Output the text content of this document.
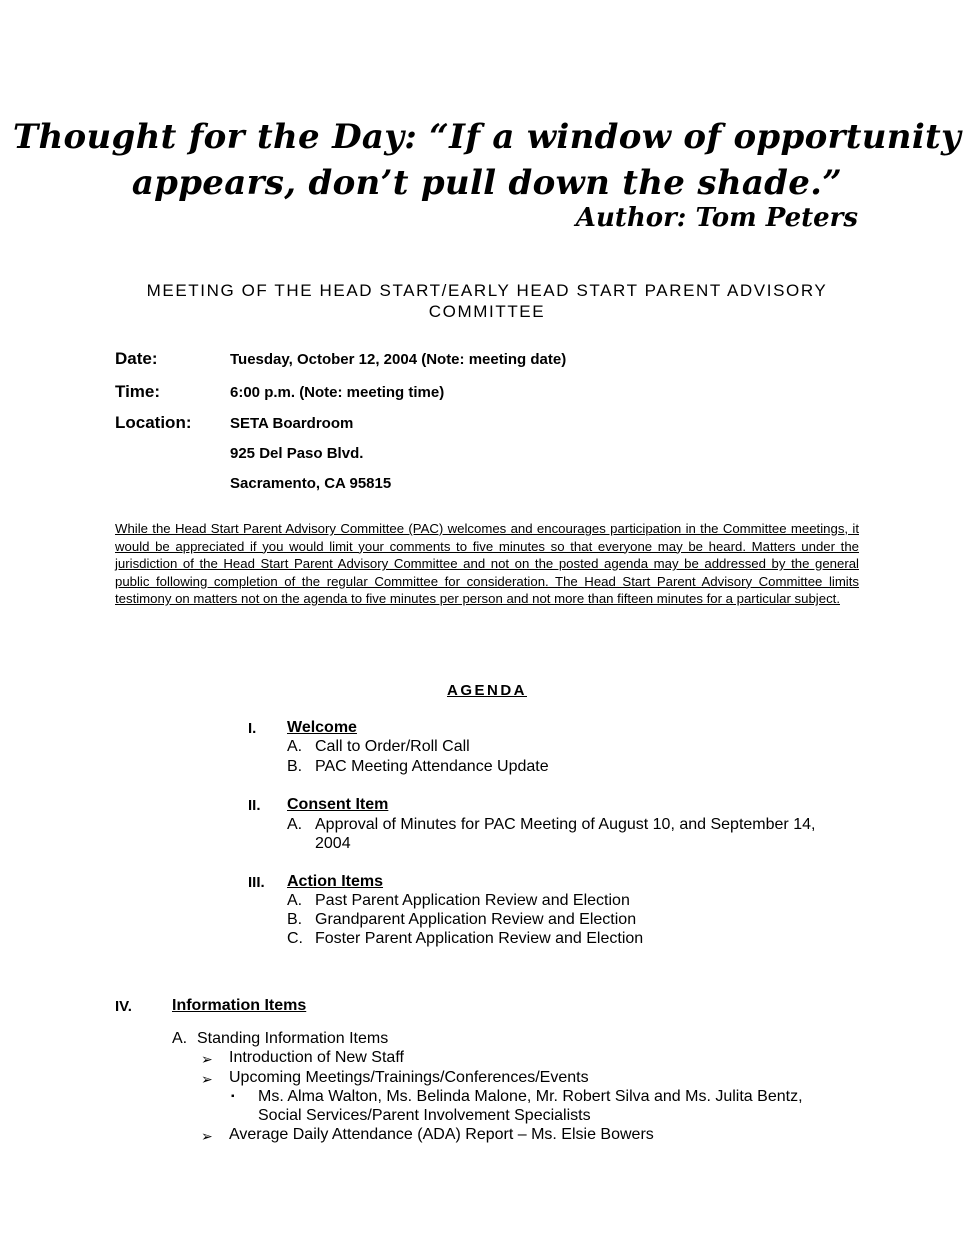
Thought for the Day: “If a window of opportunity
appears, don’t pull down the shade.”
Author: Tom Peters
MEETING OF THE HEAD START/EARLY HEAD START PARENT ADVISORY COMMITTEE
Date:	Tuesday, October 12, 2004 (Note: meeting date)
Time:	6:00 p.m. (Note: meeting time)
Location:	SETA Boardroom
925 Del Paso Blvd.
Sacramento, CA 95815
While the Head Start Parent Advisory Committee (PAC) welcomes and encourages participation in the Committee meetings, it would be appreciated if you would limit your comments to five minutes so that everyone may be heard. Matters under the jurisdiction of the Head Start Parent Advisory Committee and not on the posted agenda may be addressed by the general public following completion of the regular Committee for consideration. The Head Start Parent Advisory Committee limits testimony on matters not on the agenda to five minutes per person and not more than fifteen minutes for a particular subject.
AGENDA
I. Welcome
A. Call to Order/Roll Call
B. PAC Meeting Attendance Update
II. Consent Item
A. Approval of Minutes for PAC Meeting of August 10, and September 14,
2004
III. Action Items
A. Past Parent Application Review and Election
B. Grandparent Application Review and Election
C. Foster Parent Application Review and Election
IV.	Information Items
A. Standing Information Items
➢ Introduction of New Staff
➢ Upcoming Meetings/Trainings/Conferences/Events
▪ Ms. Alma Walton, Ms. Belinda Malone, Mr. Robert Silva and Ms. Julita Bentz,
Social Services/Parent Involvement Specialists
➢ Average Daily Attendance (ADA) Report – Ms. Elsie Bowers
